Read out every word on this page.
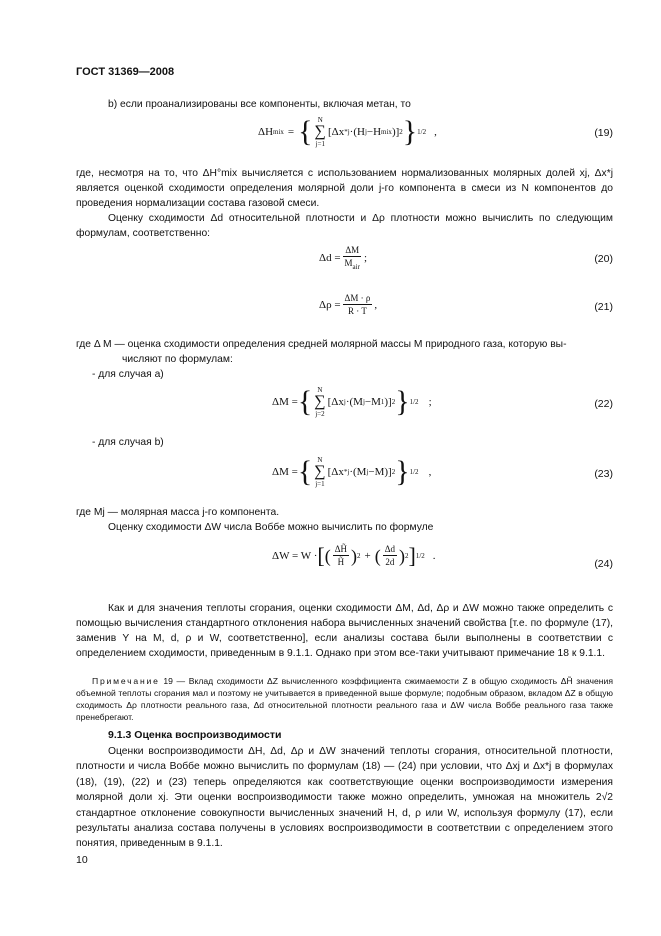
ГОСТ 31369—2008
b) если проанализированы все компоненты, включая метан, то
ΔH mix = { N
∑
j=1
[Δx * j ·(H j −H mix )] 2 } 1/2 ,	(19)
где, несмотря на то, что ΔH°mix вычисляется с использованием нормализованных молярных долей xj, Δx*j является оценкой сходимости определения молярной доли j-го компонента в смеси из N компонентов до проведения нормализации состава газовой смеси.
Оценку сходимости Δd относительной плотности и Δρ плотности можно вычислить по следующим формулам, соответственно:
$\Delta d = \frac{\Delta M}{M_{air}}$ ;	(20)
$\Delta\rho = \frac{\Delta M \cdot \rho}{R \cdot T}$ ,	(21)
где Δ M — оценка сходимости определения средней молярной массы M природного газа, которую вы-
числяют по формулам:
- для случая a)
ΔM = { N
∑
j=2
[Δx j ·(M j −M 1 )] 2 } 1/2 ;	(22)
- для случая b)
ΔM = { N
∑
j=1
[Δx * j ·(M j −M)] 2 } 1/2 ,	(23)
где Mj — молярная масса j-го компонента.
Оценку сходимости ΔW числа Воббе можно вычислить по формуле
ΔW = W · [ ( $\frac{\Delta H̃}{H̃}$ ) 2 + ( $\frac{\Delta d}{2d}$ ) 2 ] 1/2 .
(24)
Как и для значения теплоты сгорания, оценки сходимости ΔM, Δd, Δρ и ΔW можно также определить с помощью вычисления стандартного отклонения набора вычисленных значений свойства [т.е. по формуле (17), заменив Y на M, d, ρ и W, соответственно], если анализы состава были выполнены в соответствии с определением сходимости, приведенным в 9.1.1. Однако при этом все-таки учитывают примечание 18 к 9.1.1.
Примечание 19 — Вклад сходимости ΔZ вычисленного коэффициента сжимаемости Z в общую сходимость ΔH̃ значения объемной теплоты сгорания мал и поэтому не учитывается в приведенной выше формуле; подобным образом, вкладом ΔZ в общую сходимость Δρ плотности реального газа, Δd относительной плотности реального газа и ΔW числа Воббе реального газа также пренебрегают.
9.1.3 Оценка воспроизводимости
Оценки воспроизводимости ΔH, Δd, Δρ и ΔW значений теплоты сгорания, относительной плотности, плотности и числа Воббе можно вычислить по формулам (18) — (24) при условии, что Δxj и Δx*j в формулах (18), (19), (22) и (23) теперь определяются как соответствующие оценки воспроизводимости измерения молярной доли xj. Эти оценки воспроизводимости также можно определить, умножая на множитель 2√2 стандартное отклонение совокупности вычисленных значений H, d, ρ или W, используя формулу (17), если результаты анализа состава получены в условиях воспроизводимости в соответствии с определением этого понятия, приведенным в 9.1.1.
10
